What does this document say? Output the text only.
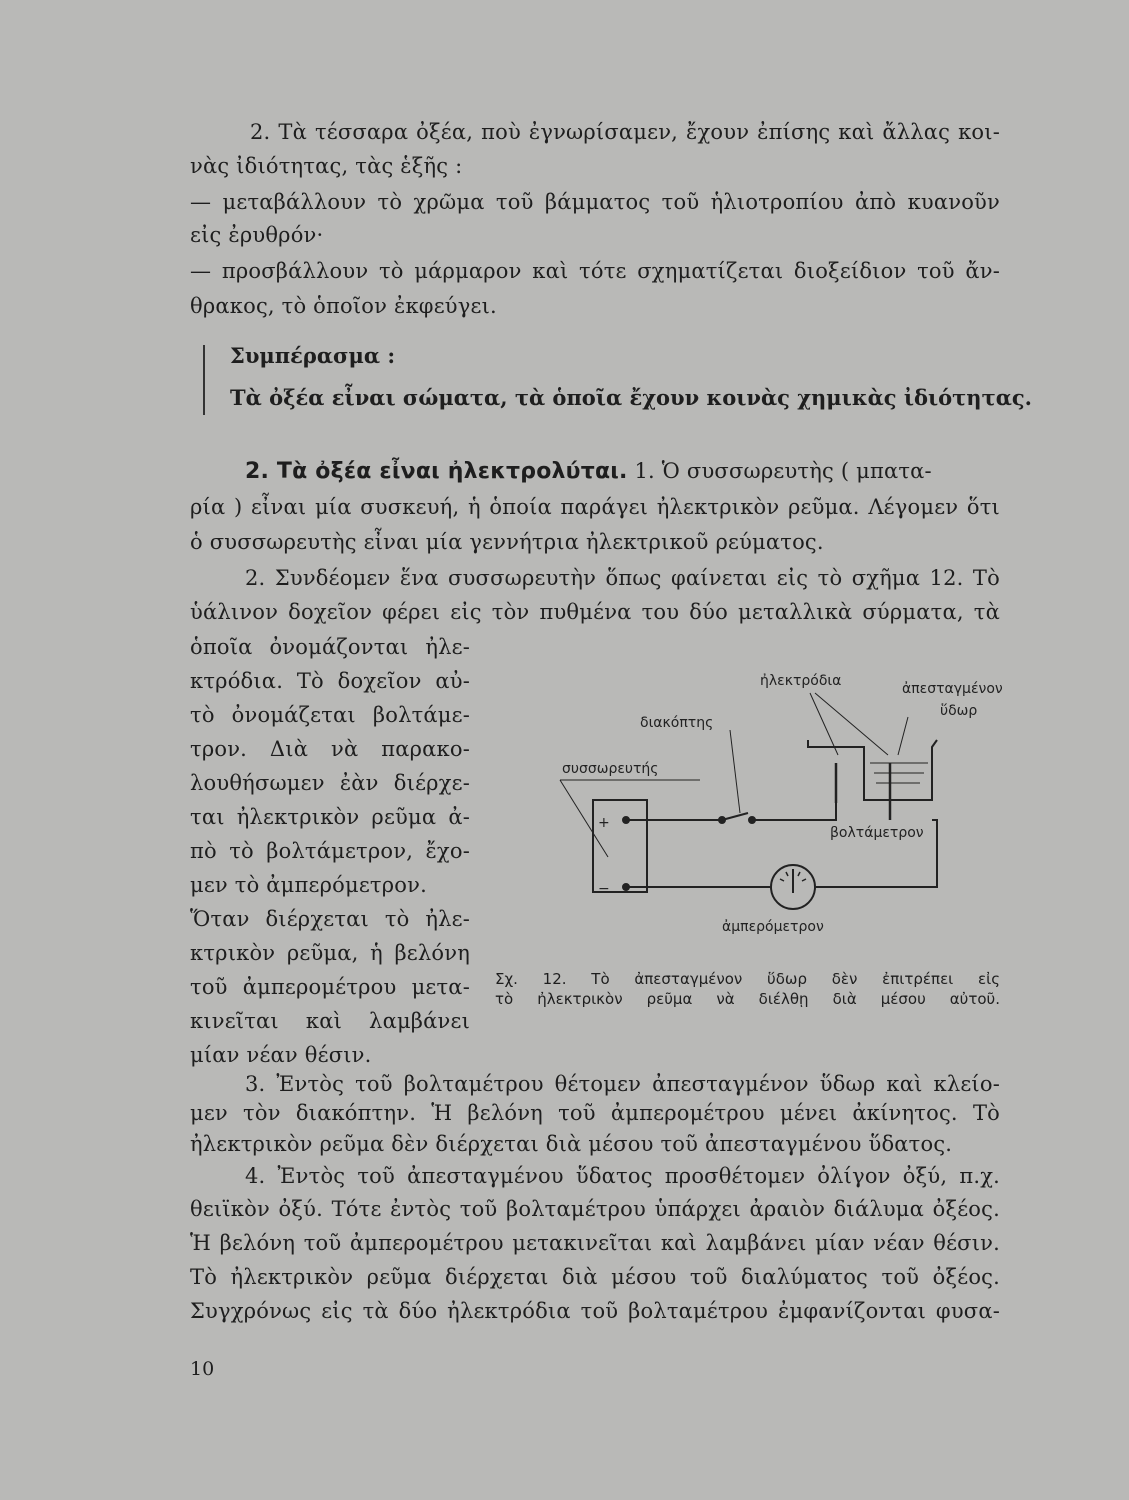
2. Τὰ τέσσαρα ὀξέα, ποὺ ἐγνωρίσαμεν, ἔχουν ἐπίσης καὶ ἄλλας κοι-
νὰς ἰδιότητας, τὰς ἑξῆς :
— μεταβάλλουν τὸ χρῶμα τοῦ βάμματος τοῦ ἡλιοτροπίου ἀπὸ κυανοῦν
εἰς ἐρυθρόν·
— προσβάλλουν τὸ μάρμαρον καὶ τότε σχηματίζεται διοξείδιον τοῦ ἄν-
θρακος, τὸ ὁποῖον ἐκφεύγει.
Συμπέρασμα :
Τὰ ὀξέα εἶναι σώματα, τὰ ὁποῖα ἔχουν κοινὰς χημικὰς ἰδιότητας.
2. Τὰ ὀξέα εἶναι ἠλεκτρολύται. 1. Ὁ συσσωρευτὴς ( μπατα-
ρία ) εἶναι μία συσκευή, ἡ ὁποία παράγει ἠλεκτρικὸν ρεῦμα. Λέγομεν ὅτι
ὁ συσσωρευτὴς εἶναι μία γεννήτρια ἠλεκτρικοῦ ρεύματος.
2. Συνδέομεν ἕνα συσσωρευτὴν ὅπως φαίνεται εἰς τὸ σχῆμα 12. Τὸ
ὑάλινον δοχεῖον φέρει εἰς τὸν πυθμένα του δύο μεταλλικὰ σύρματα, τὰ
ὁποῖα ὀνομάζονται ἠλε-
κτρόδια. Τὸ δοχεῖον αὐ-
τὸ ὀνομάζεται βολτάμε-
τρον. Διὰ νὰ παρακο-
λουθήσωμεν ἐὰν διέρχε-
ται ἠλεκτρικὸν ρεῦμα ἀ-
πὸ τὸ βολτάμετρον, ἔχο-
μεν τὸ ἀμπερόμετρον.
Ὅταν διέρχεται τὸ ἠλε-
κτρικὸν ρεῦμα, ἡ βελόνη
τοῦ ἀμπερομέτρου μετα-
κινεῖται καὶ λαμβάνει
μίαν νέαν θέσιν.
ἠλεκτρόδια	ἀπεσταγμένον
ὕδωρ
διακόπτης
συσσωρευτής
βολτάμετρον
ἀμπερόμετρον
+
−
Σχ. 12. Τὸ ἀπεσταγμένον ὕδωρ δὲν ἐπιτρέπει εἰς
τὸ ἠλεκτρικὸν ρεῦμα νὰ διέλθῃ διὰ μέσου αὐτοῦ.
3. Ἐντὸς τοῦ βολταμέτρου θέτομεν ἀπεσταγμένον ὕδωρ καὶ κλείο-
μεν τὸν διακόπτην. Ἡ βελόνη τοῦ ἀμπερομέτρου μένει ἀκίνητος. Τὸ
ἠλεκτρικὸν ρεῦμα δὲν διέρχεται διὰ μέσου τοῦ ἀπεσταγμένου ὕδατος.
4. Ἐντὸς τοῦ ἀπεσταγμένου ὕδατος προσθέτομεν ὀλίγον ὀξύ, π.χ.
θειϊκὸν ὀξύ. Τότε ἐντὸς τοῦ βολταμέτρου ὑπάρχει ἀραιὸν διάλυμα ὀξέος.
Ἡ βελόνη τοῦ ἀμπερομέτρου μετακινεῖται καὶ λαμβάνει μίαν νέαν θέσιν.
Τὸ ἠλεκτρικὸν ρεῦμα διέρχεται διὰ μέσου τοῦ διαλύματος τοῦ ὀξέος.
Συγχρόνως εἰς τὰ δύο ἠλεκτρόδια τοῦ βολταμέτρου ἐμφανίζονται φυσα-
10
